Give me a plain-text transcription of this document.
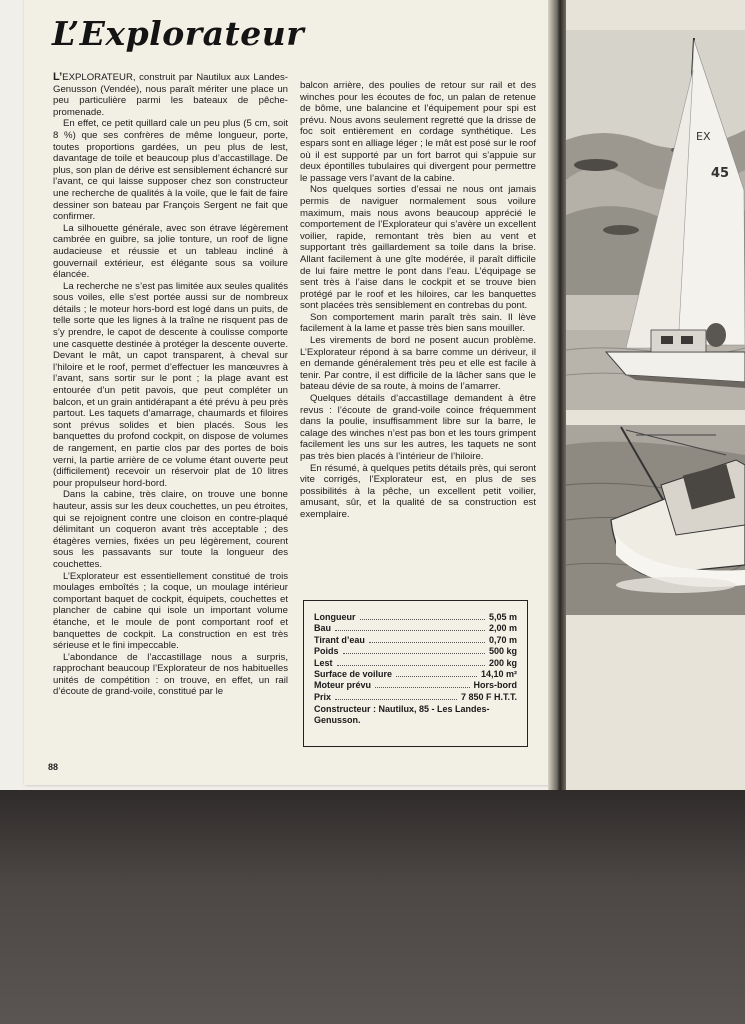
L’Explorateur

L’EXPLORATEUR, construit par Nautilux aux Landes-Genusson (Vendée), nous paraît mériter une place un peu particulière parmi les bateaux de pêche-promenade.

En effet, ce petit quillard cale un peu plus (5 cm, soit 8 %) que ses confrères de même longueur, porte, toutes proportions gardées, un peu plus de lest, davantage de toile et beaucoup plus d’accastillage. De plus, son plan de dérive est sensiblement échancré sur l’avant, ce qui laisse supposer chez son constructeur une recherche de qualités à la voile, que le fait de faire dessiner son bateau par François Sergent ne fait que confirmer.

La silhouette générale, avec son étrave légèrement cambrée en guibre, sa jolie tonture, un roof de ligne audacieuse et réussie et un tableau incliné à gouvernail extérieur, est élégante sous sa voilure élancée.

La recherche ne s’est pas limitée aux seules qualités sous voiles, elle s’est portée aussi sur de nombreux détails ; le moteur hors-bord est logé dans un puits, de telle sorte que les lignes à la traîne ne risquent pas de s’y prendre, le capot de descente à coulisse comporte une casquette destinée à protéger la descente ouverte. Devant le mât, un capot transparent, à cheval sur l’hiloire et le roof, permet d’effectuer les manœuvres à l’avant, sans sortir sur le pont ; la plage avant est entourée d’un petit pavois, que peut compléter un balcon, et un grain antidérapant a été prévu à peu près partout. Les taquets d’amarrage, chaumards et filoires sont prévus solides et bien placés. Sous les banquettes du profond cockpit, on dispose de volumes de rangement, en partie clos par des portes de bois verni, la partie arrière de ce volume étant ouverte peut (difficilement) recevoir un réservoir plat de 10 litres pour propulseur hord-bord.

Dans la cabine, très claire, on trouve une bonne hauteur, assis sur les deux couchettes, un peu étroites, qui se rejoignent contre une cloison en contre-plaqué délimitant un coqueron avant très acceptable ; des étagères vernies, fixées un peu légèrement, courent sous les passavants sur toute la longueur des couchettes.

L’Explorateur est essentiellement constitué de trois moulages emboîtés ; la coque, un moulage intérieur comportant baquet de cockpit, équipets, couchettes et plancher de cabine qui isole un important volume étanche, et le moule de pont comportant roof et banquettes de cockpit. La construction en est très sérieuse et le fini impeccable.

L’abondance de l’accastillage nous a surpris, rapprochant beaucoup l’Explorateur de nos habituelles unités de compétition : on trouve, en effet, un rail d’écoute de grand-voile, constitué par le

balcon arrière, des poulies de retour sur rail et des winches pour les écoutes de foc, un palan de retenue de bôme, une balancine et l’équipement pour spi est prévu. Nous avons seulement regretté que la drisse de foc soit entièrement en cordage synthétique. Les espars sont en alliage léger ; le mât est posé sur le roof où il est supporté par un fort barrot qui s’appuie sur deux épontilles tubulaires qui divergent pour permettre le passage vers l’avant de la cabine.

Nos quelques sorties d’essai ne nous ont jamais permis de naviguer normalement sous voilure maximum, mais nous avons beaucoup apprécié le comportement de l’Explorateur qui s’avère un excellent voilier, rapide, remontant très bien au vent et supportant très gaillardement sa toile dans la brise. Allant facilement à une gîte modérée, il paraît difficile de lui faire mettre le pont dans l’eau. L’équipage se sent très à l’aise dans le cockpit et se trouve bien protégé par le roof et les hiloires, car les banquettes sont placées très sensiblement en contrebas du pont.

Son comportement marin paraît très sain. Il lève facilement à la lame et passe très bien sans mouiller.

Les virements de bord ne posent aucun problème. L’Explorateur répond à sa barre comme un dériveur, il en demande généralement très peu et elle est facile à tenir. Par contre, il est difficile de la lâcher sans que le bateau dévie de sa route, à moins de l’amarrer.

Quelques détails d’accastillage demandent à être revus : l’écoute de grand-voile coince fréquemment dans la poulie, insuffisamment libre sur la barre, le calage des winches n’est pas bon et les tours grimpent facilement les uns sur les autres, les taquets ne sont pas très bien placés à l’intérieur de l’hiloire.

En résumé, à quelques petits détails près, qui seront vite corrigés, l’Explorateur est, en plus de ses possibilités à la pêche, un excellent petit voilier, amusant, sûr, et la qualité de sa construction est exemplaire.

Longueur	5,05 m
Bau	2,00 m
Tirant d’eau	0,70 m
Poids	500 kg
Lest	200 kg
Surface de voilure	14,10 m²
Moteur prévu	Hors-bord
Prix	7 850 F H.T.T.
Constructeur : Nautilux, 85 - Les Landes-Genusson.
88
EX
45
